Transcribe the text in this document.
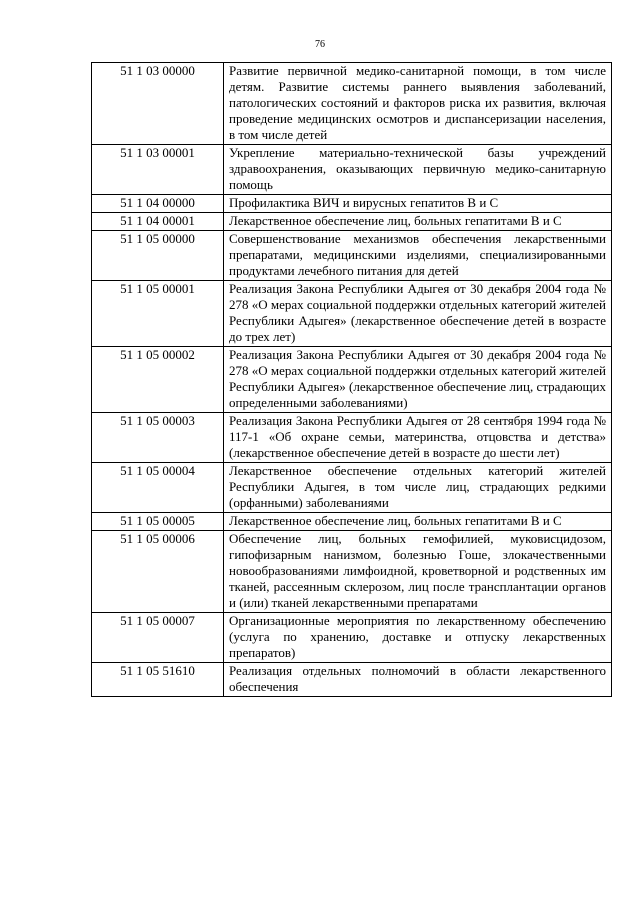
76
51 1 03 00000	Развитие первичной медико-санитарной помощи, в том числе детям. Развитие системы раннего выявления заболеваний, патологических состояний и факторов риска их развития, включая проведение медицинских осмотров и диспансеризации населения, в том числе детей
51 1 03 00001	Укрепление материально-технической базы учреждений здравоохранения, оказывающих первичную медико-санитарную помощь
51 1 04 00000	Профилактика ВИЧ и вирусных гепатитов В и С
51 1 04 00001	Лекарственное обеспечение лиц, больных гепатитами В и С
51 1 05 00000	Совершенствование механизмов обеспечения лекарственными препаратами, медицинскими изделиями, специализированными продуктами лечебного питания для детей
51 1 05 00001	Реализация Закона Республики Адыгея от 30 декабря 2004 года № 278 «О мерах социальной поддержки отдельных категорий жителей Республики Адыгея» (лекарственное обеспечение детей в возрасте до трех лет)
51 1 05 00002	Реализация Закона Республики Адыгея от 30 декабря 2004 года № 278 «О мерах социальной поддержки отдельных категорий жителей Республики Адыгея» (лекарственное обеспечение лиц, страдающих определенными заболеваниями)
51 1 05 00003	Реализация Закона Республики Адыгея от 28 сентября 1994 года № 117-1 «Об охране семьи, материнства, отцовства и детства» (лекарственное обеспечение детей в возрасте до шести лет)
51 1 05 00004	Лекарственное обеспечение отдельных категорий жителей Республики Адыгея, в том числе лиц, страдающих редкими (орфанными) заболеваниями
51 1 05 00005	Лекарственное обеспечение лиц, больных гепатитами В и С
51 1 05 00006	Обеспечение лиц, больных гемофилией, муковисцидозом, гипофизарным нанизмом, болезнью Гоше, злокачественными новообразованиями лимфоидной, кроветворной и родственных им тканей, рассеянным склерозом, лиц после трансплантации органов и (или) тканей лекарственными препаратами
51 1 05 00007	Организационные мероприятия по лекарственному обеспечению (услуга по хранению, доставке и отпуску лекарственных препаратов)
51 1 05 51610	Реализация отдельных полномочий в области лекарственного обеспечения
